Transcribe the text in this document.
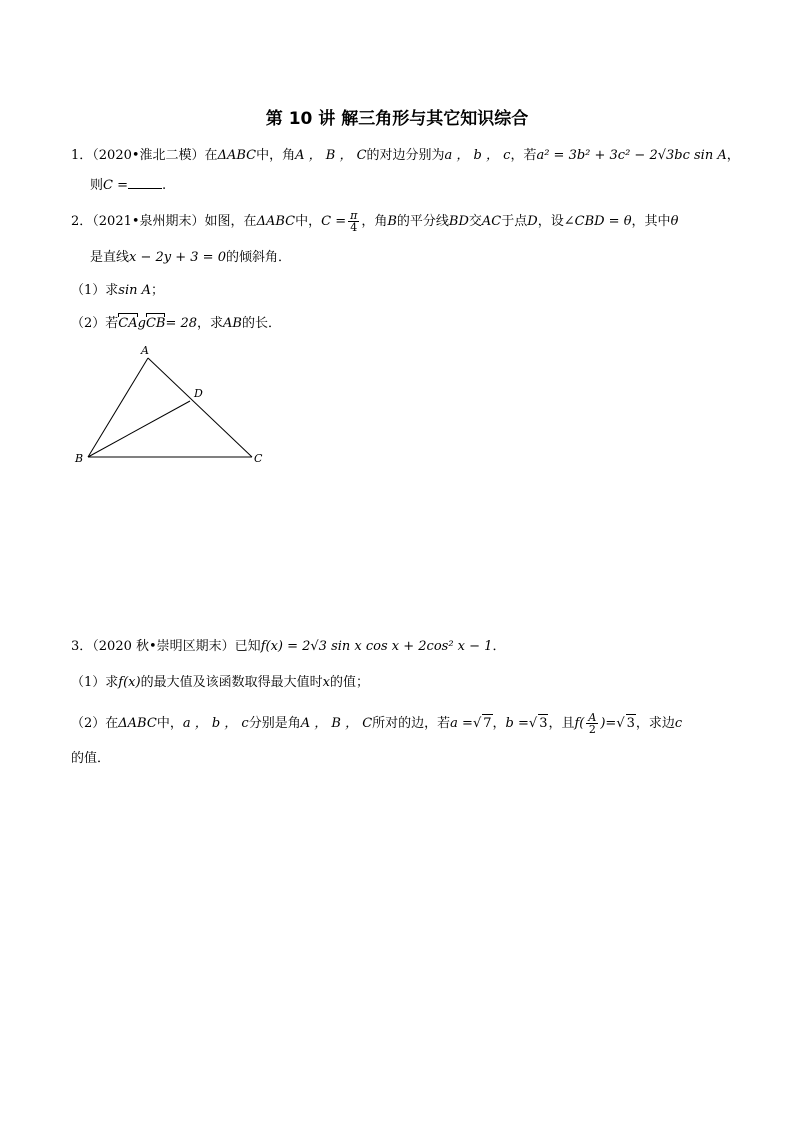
第 10 讲 解三角形与其它知识综合
1．（2020•淮北二模）在ΔABC中，角A ， B ， C的对边分别为a ， b ， c，若a² = 3b² + 3c² − 2√3bc sin A，
则C =	.
2．（2021•泉州期末）如图，在ΔABC中，$C = \frac{\pi}{4}$ ，角B的平分线BD交AC于点D，设∠CBD = θ，其中θ
是直线x − 2y + 3 = 0的倾斜角．
（1）求sin A；
（2）若CAgCB= 28，求AB的长．
A
B	C
D
3．（2020 秋•崇明区期末）已知f(x) = 2√3 sin x cos x + 2cos² x − 1．
（1）求f(x)的最大值及该函数取得最大值时x的值；
（2）在ΔABC中，a ， b ， c分别是角A ， B ， C所对的边，若a =√ 7，b =√ 3，且$f( \frac{A}{2}$ )=√ 3，求边c
的值．
